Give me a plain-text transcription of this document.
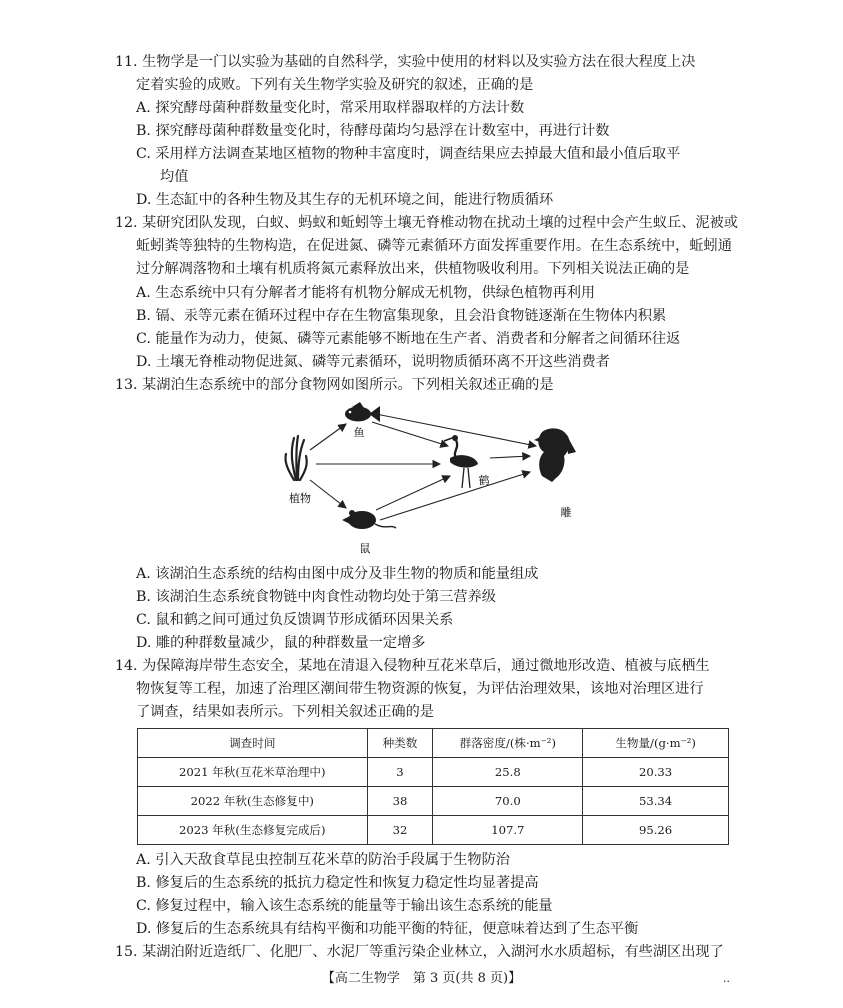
11. 生物学是一门以实验为基础的自然科学，实验中使用的材料以及实验方法在很大程度上决
定着实验的成败。下列有关生物学实验及研究的叙述，正确的是
A. 探究酵母菌种群数量变化时，常采用取样器取样的方法计数
B. 探究酵母菌种群数量变化时，待酵母菌均匀悬浮在计数室中，再进行计数
C. 采用样方法调查某地区植物的物种丰富度时，调查结果应去掉最大值和最小值后取平
均值
D. 生态缸中的各种生物及其生存的无机环境之间，能进行物质循环
12. 某研究团队发现，白蚁、蚂蚁和蚯蚓等土壤无脊椎动物在扰动土壤的过程中会产生蚁丘、泥被或
蚯蚓粪等独特的生物构造，在促进氮、磷等元素循环方面发挥重要作用。在生态系统中，蚯蚓通
过分解凋落物和土壤有机质将氮元素释放出来，供植物吸收利用。下列相关说法正确的是
A. 生态系统中只有分解者才能将有机物分解成无机物，供绿色植物再利用
B. 镉、汞等元素在循环过程中存在生物富集现象，且会沿食物链逐渐在生物体内积累
C. 能量作为动力，使氮、磷等元素能够不断地在生产者、消费者和分解者之间循环往返
D. 土壤无脊椎动物促进氮、磷等元素循环，说明物质循环离不开这些消费者
13. 某湖泊生态系统中的部分食物网如图所示。下列相关叙述正确的是
鱼
植物
鹤
雕
鼠
A. 该湖泊生态系统的结构由图中成分及非生物的物质和能量组成
B. 该湖泊生态系统食物链中肉食性动物均处于第三营养级
C. 鼠和鹤之间可通过负反馈调节形成循环因果关系
D. 雕的种群数量减少，鼠的种群数量一定增多
14. 为保障海岸带生态安全，某地在清退入侵物种互花米草后，通过微地形改造、植被与底栖生
物恢复等工程，加速了治理区潮间带生物资源的恢复，为评估治理效果，该地对治理区进行
了调查，结果如表所示。下列相关叙述正确的是
调查时间	种类数	群落密度/(株·m⁻²)	生物量/(g·m⁻²)
2021 年秋(互花米草治理中)	3	25.8	20.33
2022 年秋(生态修复中)	38	70.0	53.34
2023 年秋(生态修复完成后)	32	107.7	95.26
A. 引入天敌食草昆虫控制互花米草的防治手段属于生物防治
B. 修复后的生态系统的抵抗力稳定性和恢复力稳定性均显著提高
C. 修复过程中，输入该生态系统的能量等于输出该生态系统的能量
D. 修复后的生态系统具有结构平衡和功能平衡的特征，便意味着达到了生态平衡
15. 某湖泊附近造纸厂、化肥厂、水泥厂等重污染企业林立，入湖河水水质超标，有些湖区出现了
【高二生物学　第 3 页(共 8 页)】	··
